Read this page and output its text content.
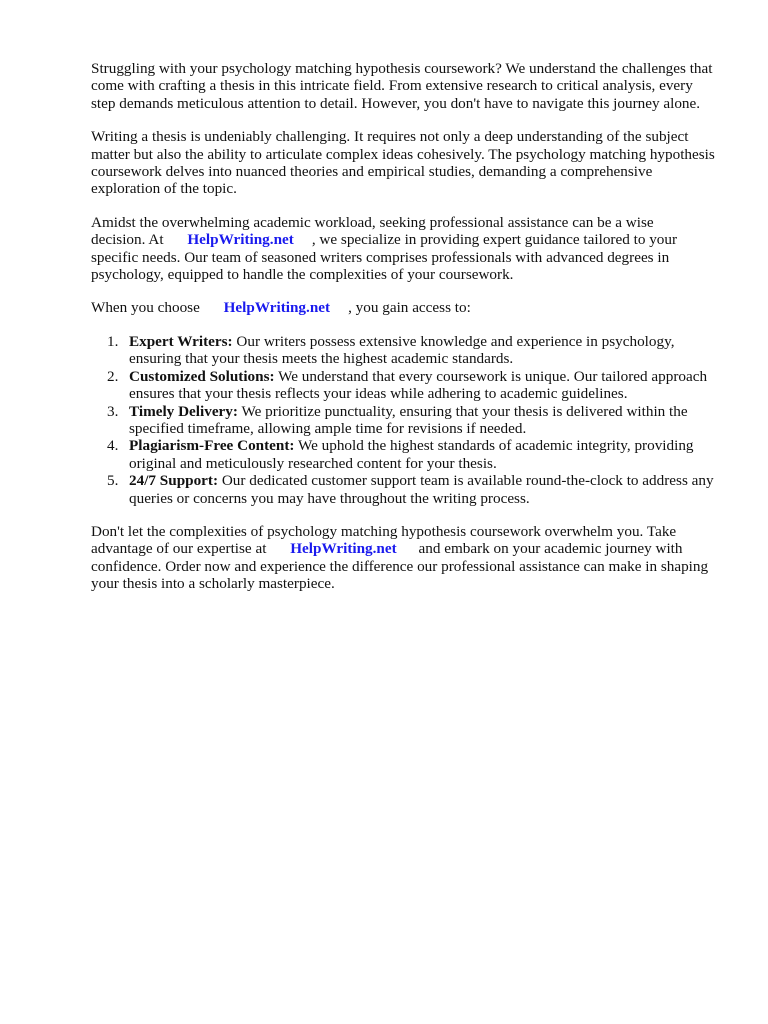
Struggling with your psychology matching hypothesis coursework? We understand the challenges that come with crafting a thesis in this intricate field. From extensive research to critical analysis, every step demands meticulous attention to detail. However, you don't have to navigate this journey alone.

Writing a thesis is undeniably challenging. It requires not only a deep understanding of the subject matter but also the ability to articulate complex ideas cohesively. The psychology matching hypothesis coursework delves into nuanced theories and empirical studies, demanding a comprehensive exploration of the topic.

Amidst the overwhelming academic workload, seeking professional assistance can be a wise
decision. At HelpWriting.net , we specialize in providing expert guidance tailored to your specific needs. Our team of seasoned writers comprises professionals with advanced degrees in psychology, equipped to handle the complexities of your coursework.

When you choose HelpWriting.net , you gain access to:

1. Expert Writers: Our writers possess extensive knowledge and experience in psychology, ensuring that your thesis meets the highest academic standards.
2. Customized Solutions: We understand that every coursework is unique. Our tailored approach ensures that your thesis reflects your ideas while adhering to academic guidelines.
3. Timely Delivery: We prioritize punctuality, ensuring that your thesis is delivered within the specified timeframe, allowing ample time for revisions if needed.
4. Plagiarism-Free Content: We uphold the highest standards of academic integrity, providing original and meticulously researched content for your thesis.
5. 24/7 Support: Our dedicated customer support team is available round-the-clock to address any queries or concerns you may have throughout the writing process.

Don't let the complexities of psychology matching hypothesis coursework overwhelm you. Take advantage of our expertise at HelpWriting.net and embark on your academic journey with confidence. Order now and experience the difference our professional assistance can make in shaping your thesis into a scholarly masterpiece.
